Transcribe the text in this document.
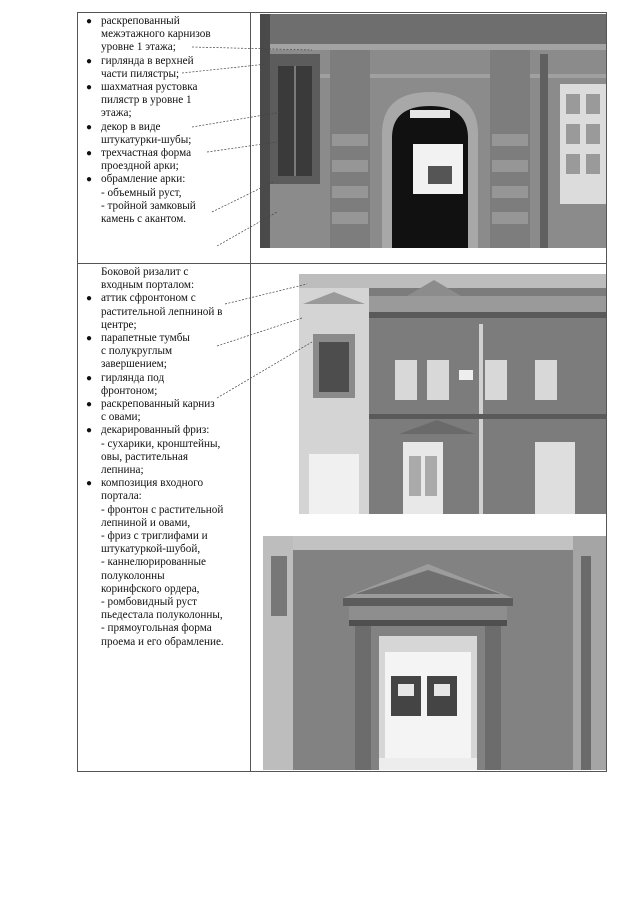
● раскрепованный
межэтажного карнизов
уровне 1 этажа;
● гирлянда в верхней
части пилястры;
● шахматная рустовка
пилястр в уровне 1
этажа;
● декор в виде
штукатурки-шубы;
● трехчастная форма
проездной арки;
● обрамление арки:
- объемный руст,
- тройной замковый
камень с акантом.
Боковой ризалит с
входным порталом:
● аттик сфронтоном с
растительной лепниной в
центре;
● парапетные тумбы
с полукруглым
завершением;
● гирлянда под
фронтоном;
● раскрепованный карниз
с овами;
● декарированный фриз:
- сухарики, кронштейны,
овы, растительная
лепнина;
● композиция входного
портала:
- фронтон с растительной
лепниной и овами,
- фриз с триглифами и
штукатуркой-шубой,
- каннелюрированные
полуколонны
коринфского ордера,
- ромбовидный руст
пьедестала полуколонны,
- прямоугольная форма
проема и его обрамление.
